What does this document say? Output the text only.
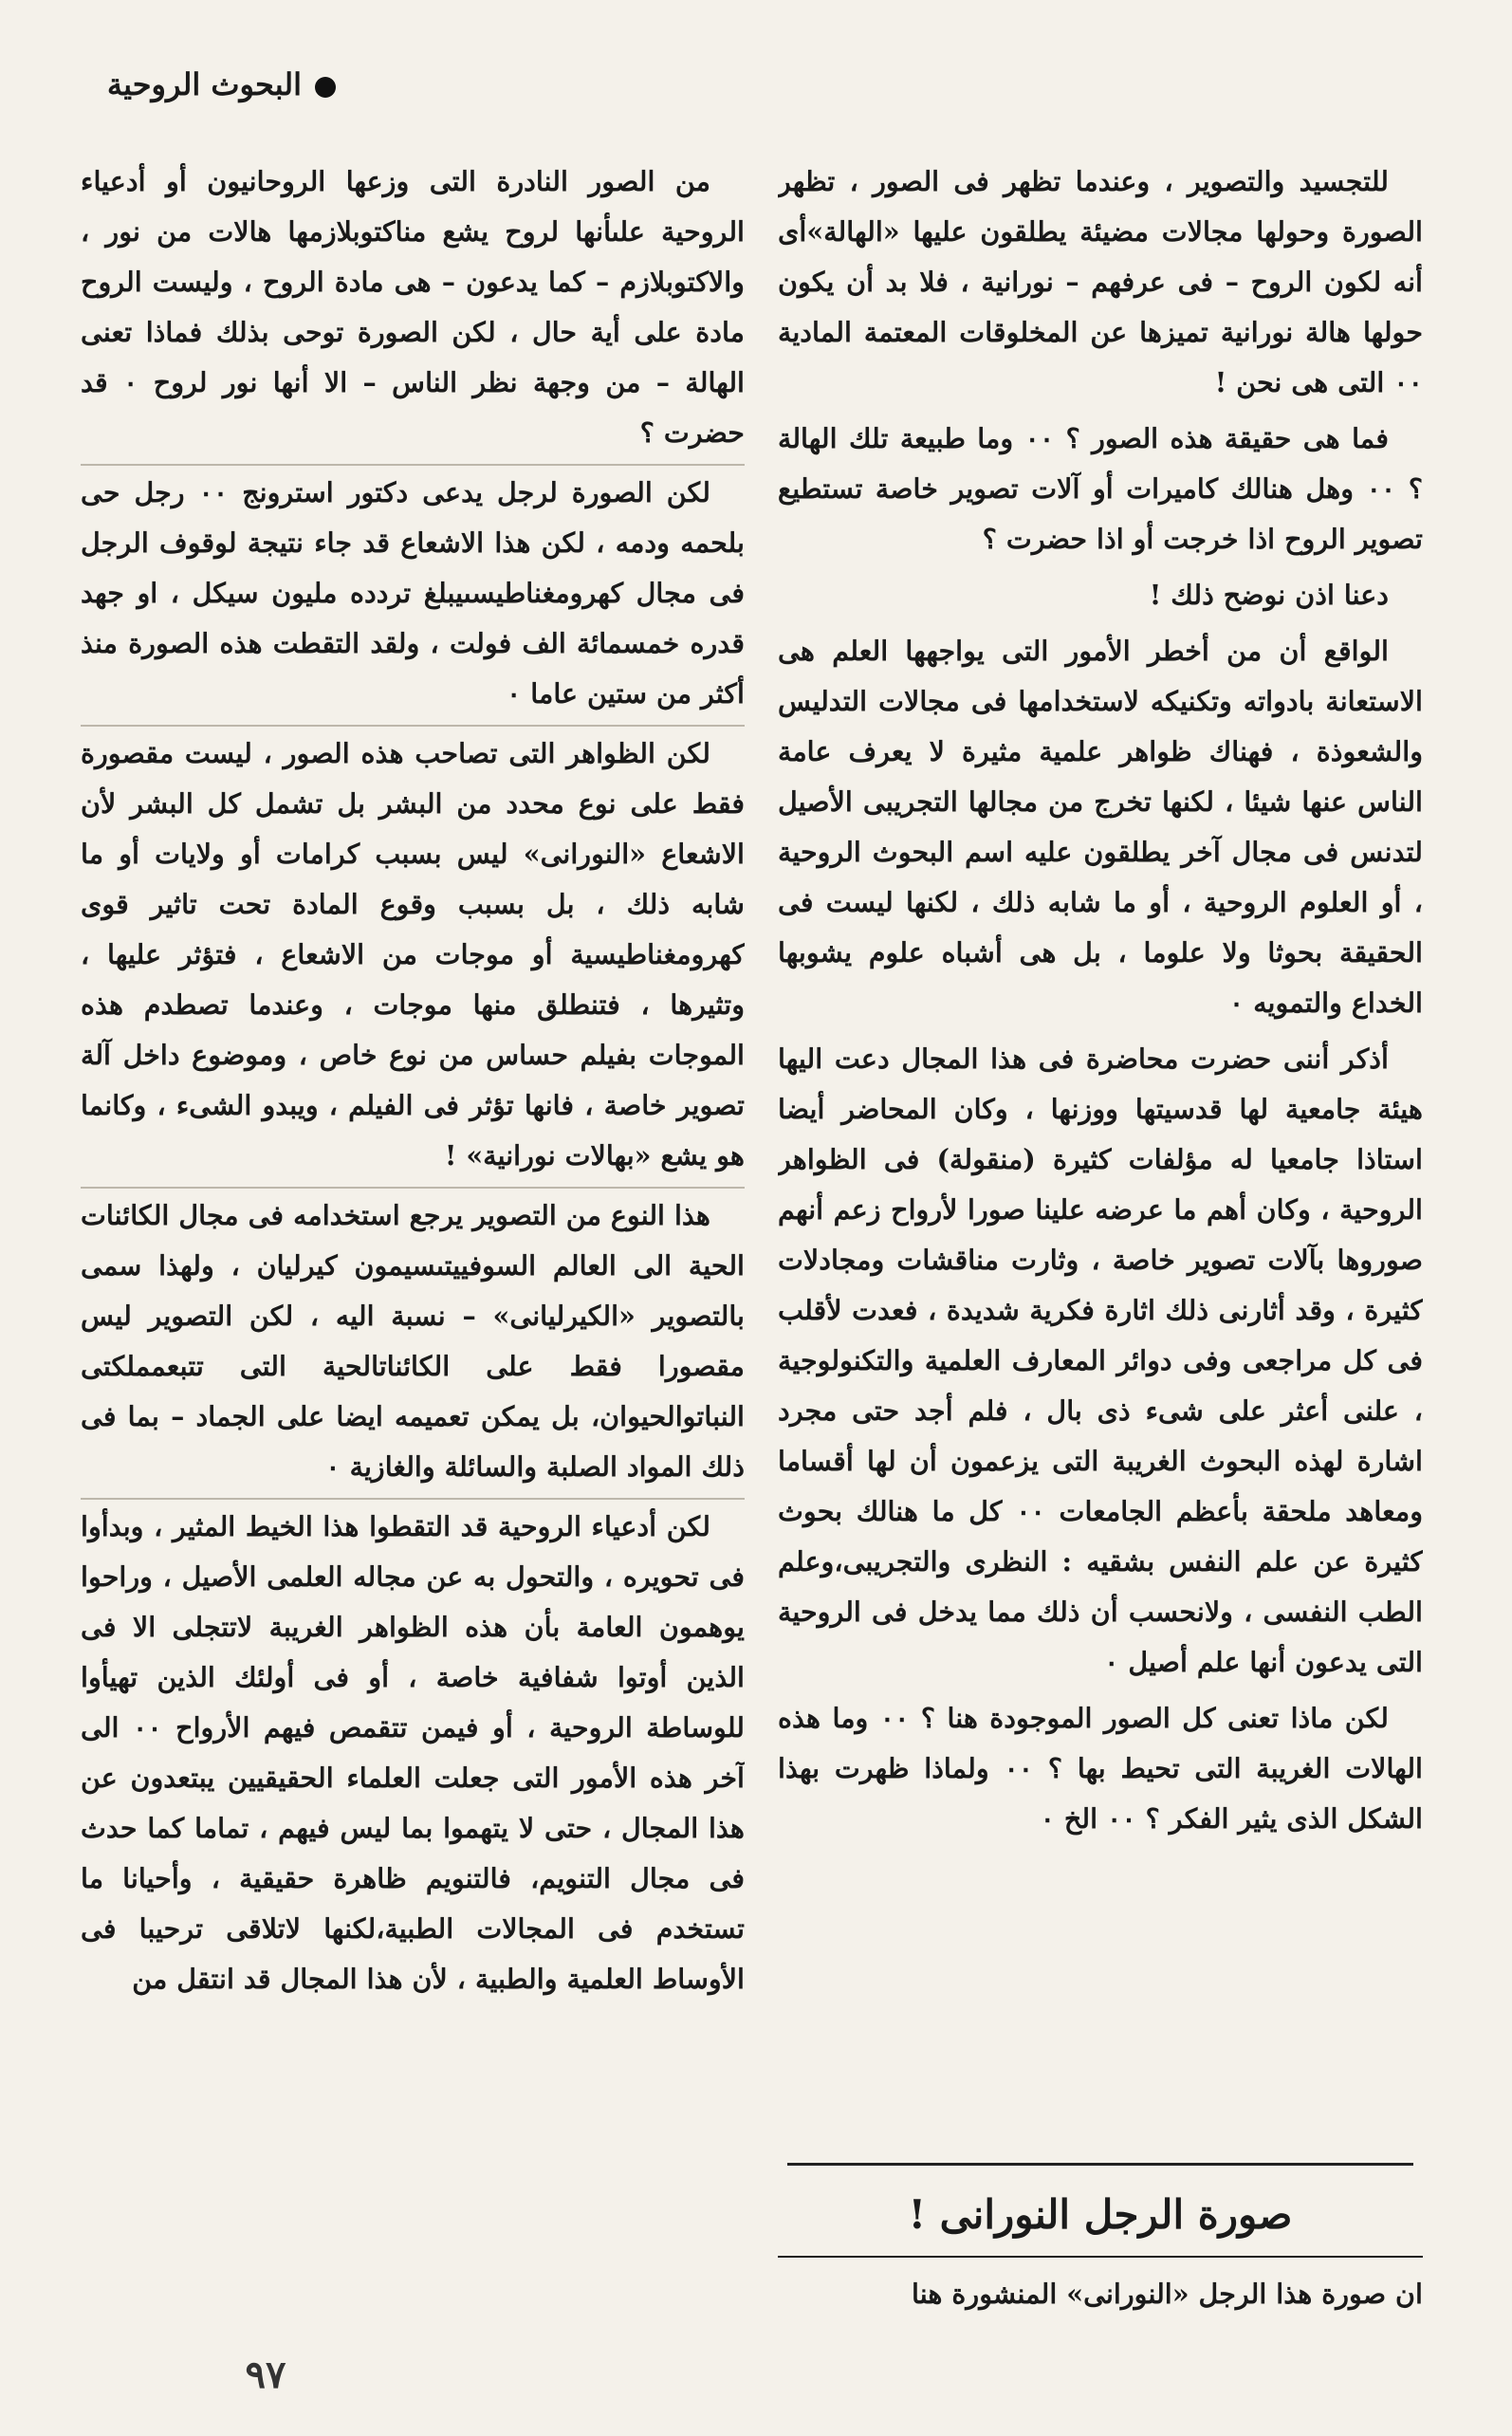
البحوث الروحية

للتجسيد والتصوير ، وعندما تظهر فى الصور ، تظهر الصورة وحولها مجالات مضيئة يطلقون عليها «الهالة»أى أنه لكون الروح – فى عرفهم – نورانية ، فلا بد أن يكون حولها هالة نورانية تميزها عن المخلوقات المعتمة المادية ٠٠ التى هى نحن !

فما هى حقيقة هذه الصور ؟ ٠٠ وما طبيعة تلك الهالة ؟ ٠٠ وهل هنالك كاميرات أو آلات تصوير خاصة تستطيع تصوير الروح اذا خرجت أو اذا حضرت ؟

دعنا اذن نوضح ذلك !

الواقع أن من أخطر الأمور التى يواجهها العلم هى الاستعانة بادواته وتكنيكه لاستخدامها فى مجالات التدليس والشعوذة ، فهناك ظواهر علمية مثيرة لا يعرف عامة الناس عنها شيئا ، لكنها تخرج من مجالها التجريبى الأصيل لتدنس فى مجال آخر يطلقون عليه اسم البحوث الروحية ، أو العلوم الروحية ، أو ما شابه ذلك ، لكنها ليست فى الحقيقة بحوثا ولا علوما ، بل هى أشباه علوم يشوبها الخداع والتمويه ٠

أذكر أننى حضرت محاضرة فى هذا المجال دعت اليها هيئة جامعية لها قدسيتها ووزنها ، وكان المحاضر أيضا استاذا جامعيا له مؤلفات كثيرة (منقولة) فى الظواهر الروحية ، وكان أهم ما عرضه علينا صورا لأرواح زعم أنهم صوروها بآلات تصوير خاصة ، وثارت مناقشات ومجادلات كثيرة ، وقد أثارنى ذلك اثارة فكرية شديدة ، فعدت لأقلب فى كل مراجعى وفى دوائر المعارف العلمية والتكنولوجية ، علنى أعثر على شىء ذى بال ، فلم أجد حتى مجرد اشارة لهذه البحوث الغريبة التى يزعمون أن لها أقساما ومعاهد ملحقة بأعظم الجامعات ٠٠ كل ما هنالك بحوث كثيرة عن علم النفس بشقيه : النظرى والتجريبى،وعلم الطب النفسى ، ولانحسب أن ذلك مما يدخل فى الروحية التى يدعون أنها علم أصيل ٠

لكن ماذا تعنى كل الصور الموجودة هنا ؟ ٠٠ وما هذه الهالات الغريبة التى تحيط بها ؟ ٠٠ ولماذا ظهرت بهذا الشكل الذى يثير الفكر ؟ ٠٠ الخ ٠

صورة الرجل النورانى !
ان صورة هذا الرجل «النورانى» المنشورة هنا

من الصور النادرة التى وزعها الروحانيون أو أدعياء الروحية علىأنها لروح يشع مناكتوبلازمها هالات من نور ، والاكتوبلازم – كما يدعون – هى مادة الروح ، وليست الروح مادة على أية حال ، لكن الصورة توحى بذلك فماذا تعنى الهالة – من وجهة نظر الناس – الا أنها نور لروح ٠ قد حضرت ؟

لكن الصورة لرجل يدعى دكتور استرونج ٠٠ رجل حى بلحمه ودمه ، لكن هذا الاشعاع قد جاء نتيجة لوقوف الرجل فى مجال كهرومغناطيسىيبلغ تردده مليون سيكل ، او جهد قدره خمسمائة الف فولت ، ولقد التقطت هذه الصورة منذ أكثر من ستين عاما ٠

لكن الظواهر التى تصاحب هذه الصور ، ليست مقصورة فقط على نوع محدد من البشر بل تشمل كل البشر لأن الاشعاع «النورانى» ليس بسبب كرامات أو ولايات أو ما شابه ذلك ، بل بسبب وقوع المادة تحت تاثير قوى كهرومغناطيسية أو موجات من الاشعاع ، فتؤثر عليها ، وتثيرها ، فتنطلق منها موجات ، وعندما تصطدم هذه الموجات بفيلم حساس من نوع خاص ، وموضوع داخل آلة تصوير خاصة ، فانها تؤثر فى الفيلم ، ويبدو الشىء ، وكانما هو يشع «بهالات نورانية» !

هذا النوع من التصوير يرجع استخدامه فى مجال الكائنات الحية الى العالم السوفييتىسيمون كيرليان ، ولهذا سمى بالتصوير «الكيرليانى» – نسبة اليه ، لكن التصوير ليس مقصورا فقط على الكائناتالحية التى تتبعمملكتى النباتوالحيوان، بل يمكن تعميمه ايضا على الجماد – بما فى ذلك المواد الصلبة والسائلة والغازية ٠

لكن أدعياء الروحية قد التقطوا هذا الخيط المثير ، وبدأوا فى تحويره ، والتحول به عن مجاله العلمى الأصيل ، وراحوا يوهمون العامة بأن هذه الظواهر الغريبة لاتتجلى الا فى الذين أوتوا شفافية خاصة ، أو فى أولئك الذين تهيأوا للوساطة الروحية ، أو فيمن تتقمص فيهم الأرواح ٠٠ الى آخر هذه الأمور التى جعلت العلماء الحقيقيين يبتعدون عن هذا المجال ، حتى لا يتهموا بما ليس فيهم ، تماما كما حدث فى مجال التنويم، فالتنويم ظاهرة حقيقية ، وأحيانا ما تستخدم فى المجالات الطبية،لكنها لاتلاقى ترحيبا فى الأوساط العلمية والطبية ، لأن هذا المجال قد انتقل من

٩٧
